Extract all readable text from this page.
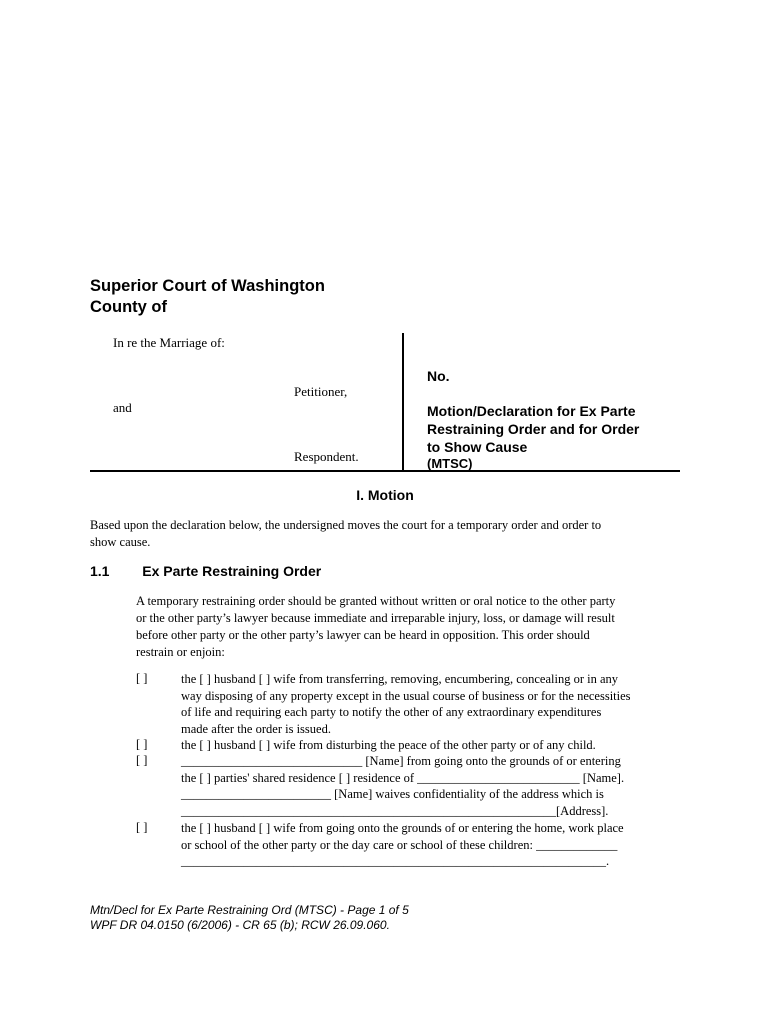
Superior Court of Washington
County of
In re the Marriage of:
Petitioner,
and
Respondent.
No.
Motion/Declaration for Ex Parte
Restraining Order and for Order
to Show Cause
(MTSC)
I. Motion
Based upon the declaration below, the undersigned moves the court for a temporary order and order to
show cause.
1.1 Ex Parte Restraining Order
A temporary restraining order should be granted without written or oral notice to the other party
or the other party’s lawyer because immediate and irreparable injury, loss, or damage will result
before other party or the other party’s lawyer can be heard in opposition. This order should
restrain or enjoin:
[ ]	the [ ] husband [ ] wife from transferring, removing, encumbering, concealing or in any

way disposing of any property except in the usual course of business or for the necessities

of life and requiring each party to notify the other of any extraordinary expenditures

made after the order is issued.

[ ]	the [ ] husband [ ] wife from disturbing the peace of the other party or of any child.

[ ]	_____________________________ [Name] from going onto the grounds of or entering

the [ ] parties' shared residence [ ] residence of __________________________ [Name].

________________________ [Name] waives confidentiality of the address which is

____________________________________________________________[Address].

[ ]	the [ ] husband [ ] wife from going onto the grounds of or entering the home, work place

or school of the other party or the day care or school of these children: _____________

____________________________________________________________________.

Mtn/Decl for Ex Parte Restraining Ord (MTSC) - Page 1 of 5
WPF DR 04.0150 (6/2006) - CR 65 (b); RCW 26.09.060.
